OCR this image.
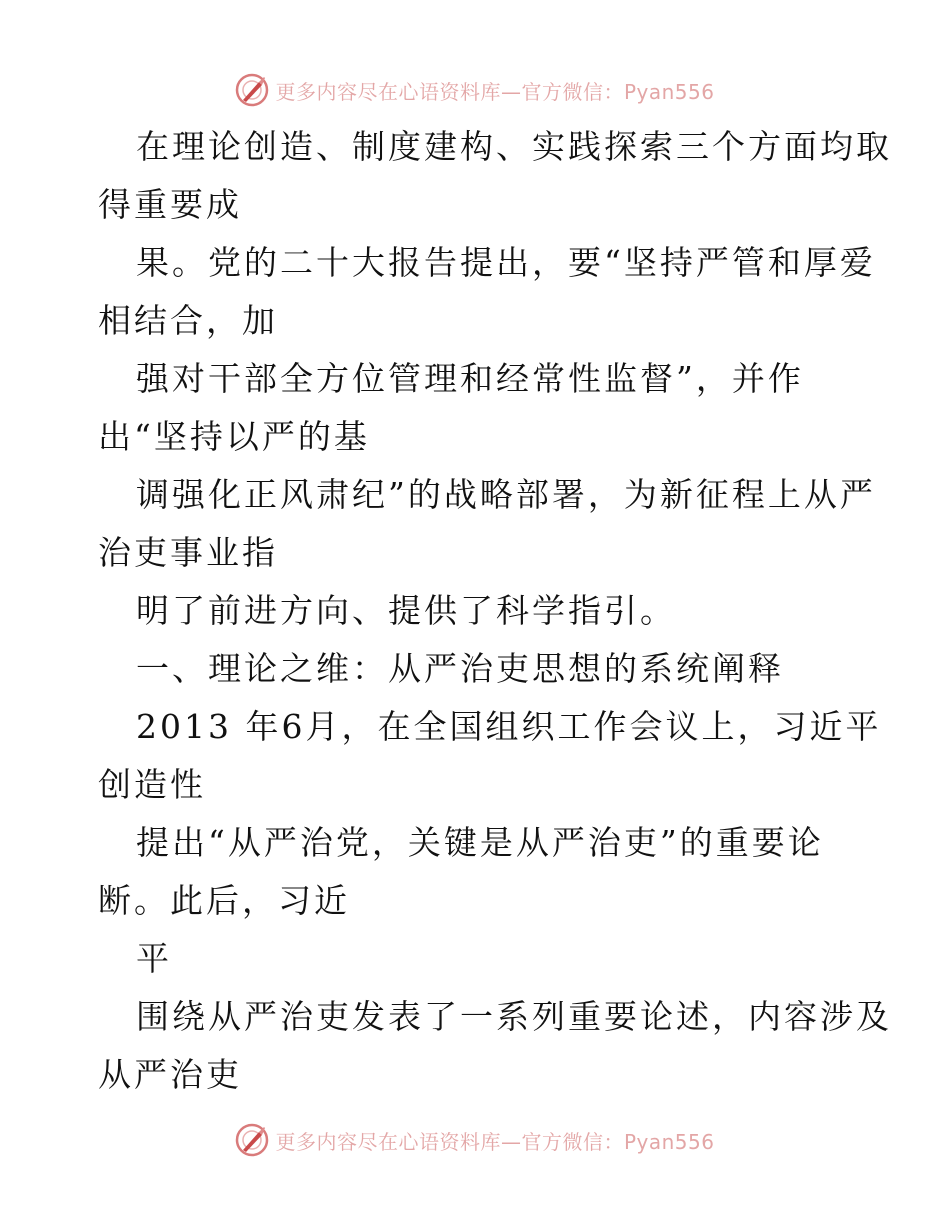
更多内容尽在心语资料库—官方微信：Pyan556
在理论创造、制度建构、实践探索三个方面均取
得重要成
果。党的二十大报告提出，要“坚持严管和厚爱
相结合，加
强对干部全方位管理和经常性监督”，并作
出“坚持以严的基
调强化正风肃纪”的战略部署，为新征程上从严
治吏事业指
明了前进方向、提供了科学指引。
一、理论之维：从严治吏思想的系统阐释
2013 年6月，在全国组织工作会议上，习近平
创造性
提出“从严治党，关键是从严治吏”的重要论
断。此后，习近
平
围绕从严治吏发表了一系列重要论述，内容涉及
从严治吏
更多内容尽在心语资料库—官方微信：Pyan556
